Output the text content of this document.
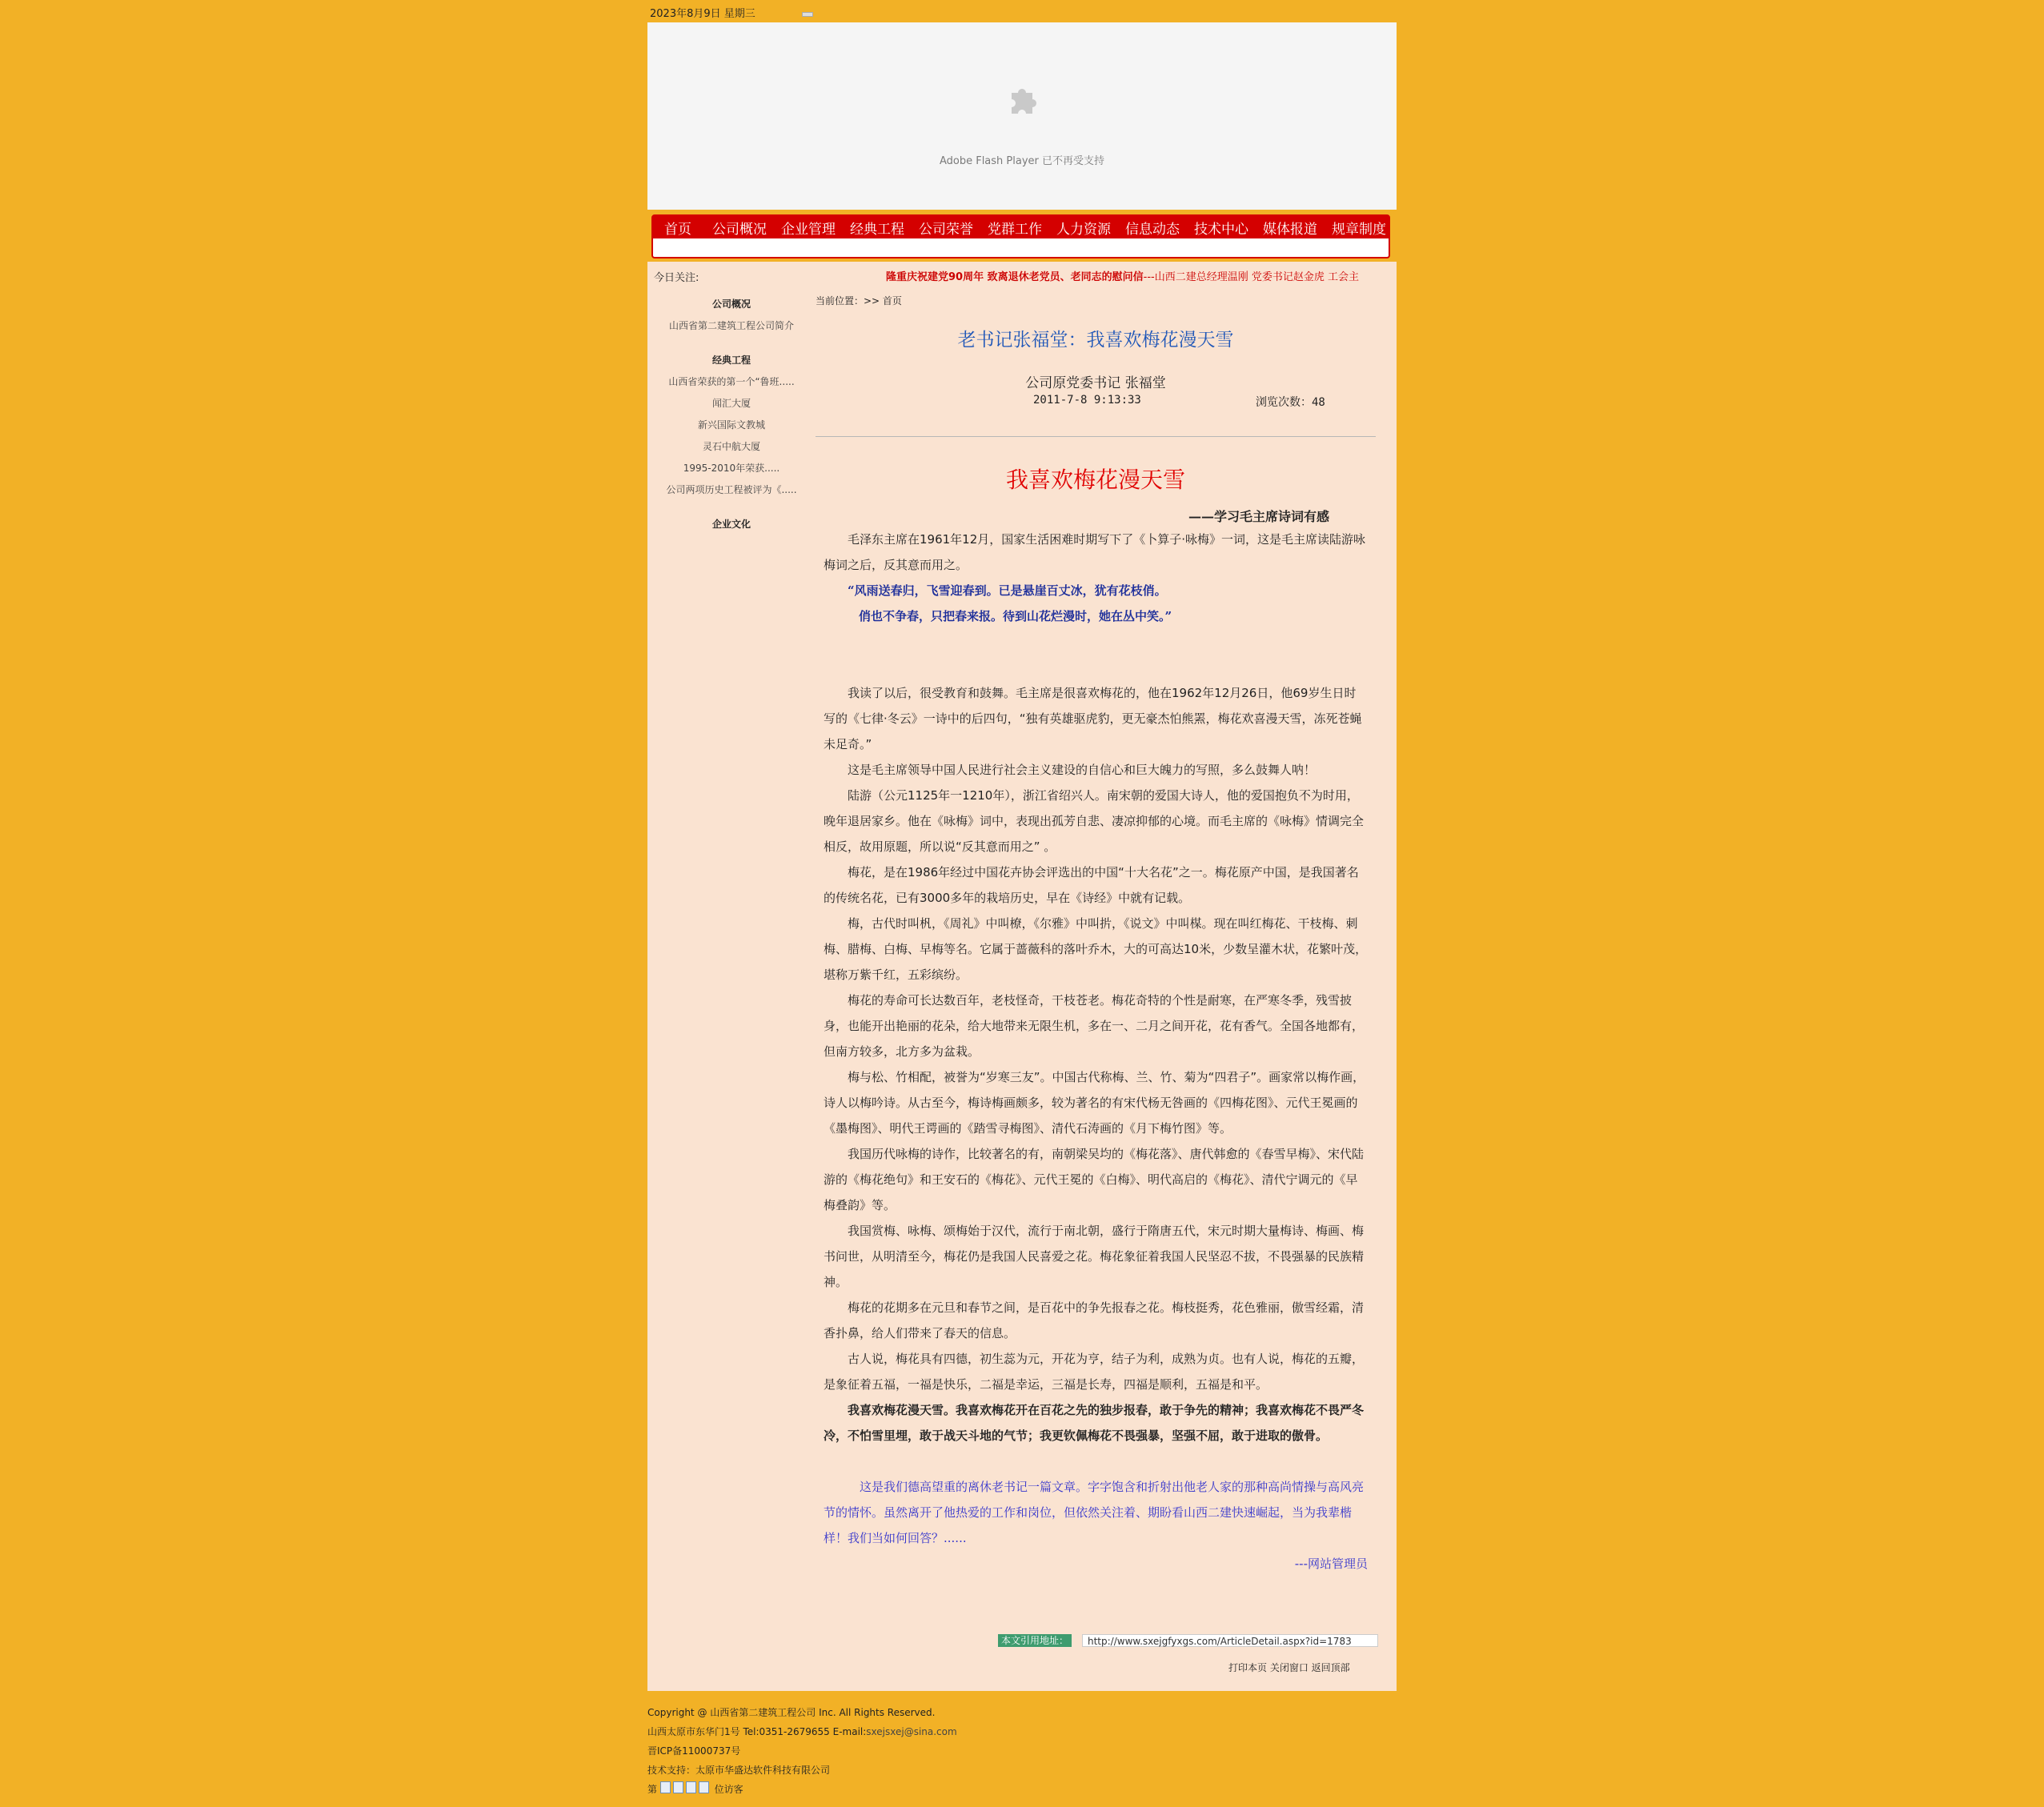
2023年8月9日 星期三
Adobe Flash Player 已不再受支持
首页 公司概况 企业管理 经典工程 公司荣誉 党群工作 人力资源 信息动态 技术中心 媒体报道 规章制度
今日关注:	隆重庆祝建党90周年 致离退休老党员、老同志的慰问信---山西二建总经理温刚 党委书记赵金虎 工会主
公司概况
山西省第二建筑工程公司简介
经典工程
山西省荣获的第一个“鲁班.....
闻汇大厦
新兴国际文教城
灵石中航大厦
1995-2010年荣获.....
公司两项历史工程被评为《.....
企业文化
当前位置：>> 首页
老书记张福堂：我喜欢梅花漫天雪
公司原党委书记 张福堂
2011-7-8 9:13:33	浏览次数：48
我喜欢梅花漫天雪
——学习毛主席诗词有感

毛泽东主席在1961年12月，国家生活困难时期写下了《卜算子·咏梅》一词，这是毛主席读陆游咏梅词之后，反其意而用之。

“风雨送春归，飞雪迎春到。已是悬崖百丈冰，犹有花枝俏。

俏也不争春，只把春来报。待到山花烂漫时，她在丛中笑。”

我读了以后，很受教育和鼓舞。毛主席是很喜欢梅花的，他在1962年12月26日，他69岁生日时写的《七律·冬云》一诗中的后四句，“独有英雄驱虎豹，更无豪杰怕熊罴，梅花欢喜漫天雪，冻死苍蝇未足奇。”

这是毛主席领导中国人民进行社会主义建设的自信心和巨大魄力的写照，多么鼓舞人呐！

陆游（公元1125年一1210年），浙江省绍兴人。南宋朝的爱国大诗人，他的爱国抱负不为时用，晚年退居家乡。他在《咏梅》词中，表现出孤芳自悲、凄凉抑郁的心境。而毛主席的《咏梅》情调完全相反，故用原题，所以说“反其意而用之” 。

梅花，是在1986年经过中国花卉协会评选出的中国“十大名花”之一。梅花原产中国，是我国著名的传统名花，已有3000多年的栽培历史，早在《诗经》中就有记载。

梅，古代时叫杋，《周礼》中叫橑，《尔雅》中叫扸，《说文》中叫楳。现在叫红梅花、干枝梅、刺梅、腊梅、白梅、早梅等名。它属于蔷薇科的落叶乔木，大的可高达10米，少数呈灌木状，花繁叶茂，堪称万紫千红，五彩缤纷。

梅花的寿命可长达数百年，老枝怪奇，干枝苍老。梅花奇特的个性是耐寒，在严寒冬季，残雪披身，也能开出艳丽的花朵，给大地带来无限生机，多在一、二月之间开花，花有香气。全国各地都有，但南方较多，北方多为盆栽。

梅与松、竹相配，被誉为“岁寒三友”。中国古代称梅、兰、竹、菊为“四君子”。画家常以梅作画，诗人以梅吟诗。从古至今，梅诗梅画颇多，较为著名的有宋代杨无咎画的《四梅花图》、元代王冕画的《墨梅图》、明代王谔画的《踏雪寻梅图》、清代石涛画的《月下梅竹图》等。

我国历代咏梅的诗作，比较著名的有，南朝梁吴均的《梅花落》、唐代韩愈的《春雪早梅》、宋代陆游的《梅花绝句》和王安石的《梅花》、元代王冕的《白梅》、明代高启的《梅花》、清代宁调元的《早梅叠韵》等。

我国赏梅、咏梅、颂梅始于汉代，流行于南北朝，盛行于隋唐五代，宋元时期大量梅诗、梅画、梅书问世，从明清至今，梅花仍是我国人民喜爱之花。梅花象征着我国人民坚忍不拔，不畏强暴的民族精神。

梅花的花期多在元旦和春节之间，是百花中的争先报春之花。梅枝挺秀，花色雅丽，傲雪经霜，清香扑鼻，给人们带来了春天的信息。

古人说，梅花具有四德，初生蕊为元，开花为亨，结子为利，成熟为贞。也有人说，梅花的五瓣，是象征着五福，一福是快乐，二福是幸运，三福是长寿，四福是顺利，五福是和平。

我喜欢梅花漫天雪。我喜欢梅花开在百花之先的独步报春，敢于争先的精神；我喜欢梅花不畏严冬冷，不怕雪里埋，敢于战天斗地的气节；我更钦佩梅花不畏强暴，坚强不屈，敢于进取的傲骨。

这是我们德高望重的离休老书记一篇文章。字字饱含和折射出他老人家的那种高尚情操与高风亮节的情怀。虽然离开了他热爱的工作和岗位，但依然关注着、期盼看山西二建快速崛起，当为我辈楷样！我们当如何回答？......

---网站管理员

本文引用地址：	http://www.sxejgfyxgs.com/ArticleDetail.aspx?id=1783
打印本页 关闭窗口 返回顶部
Copyright @ 山西省第二建筑工程公司 Inc. All Rights Reserved.
山西太原市东华门1号 Tel:0351-2679655 E-mail:sxejsxej@sina.com
晋ICP备11000737号
技术支持：太原市华盛达软件科技有限公司
第	位访客
